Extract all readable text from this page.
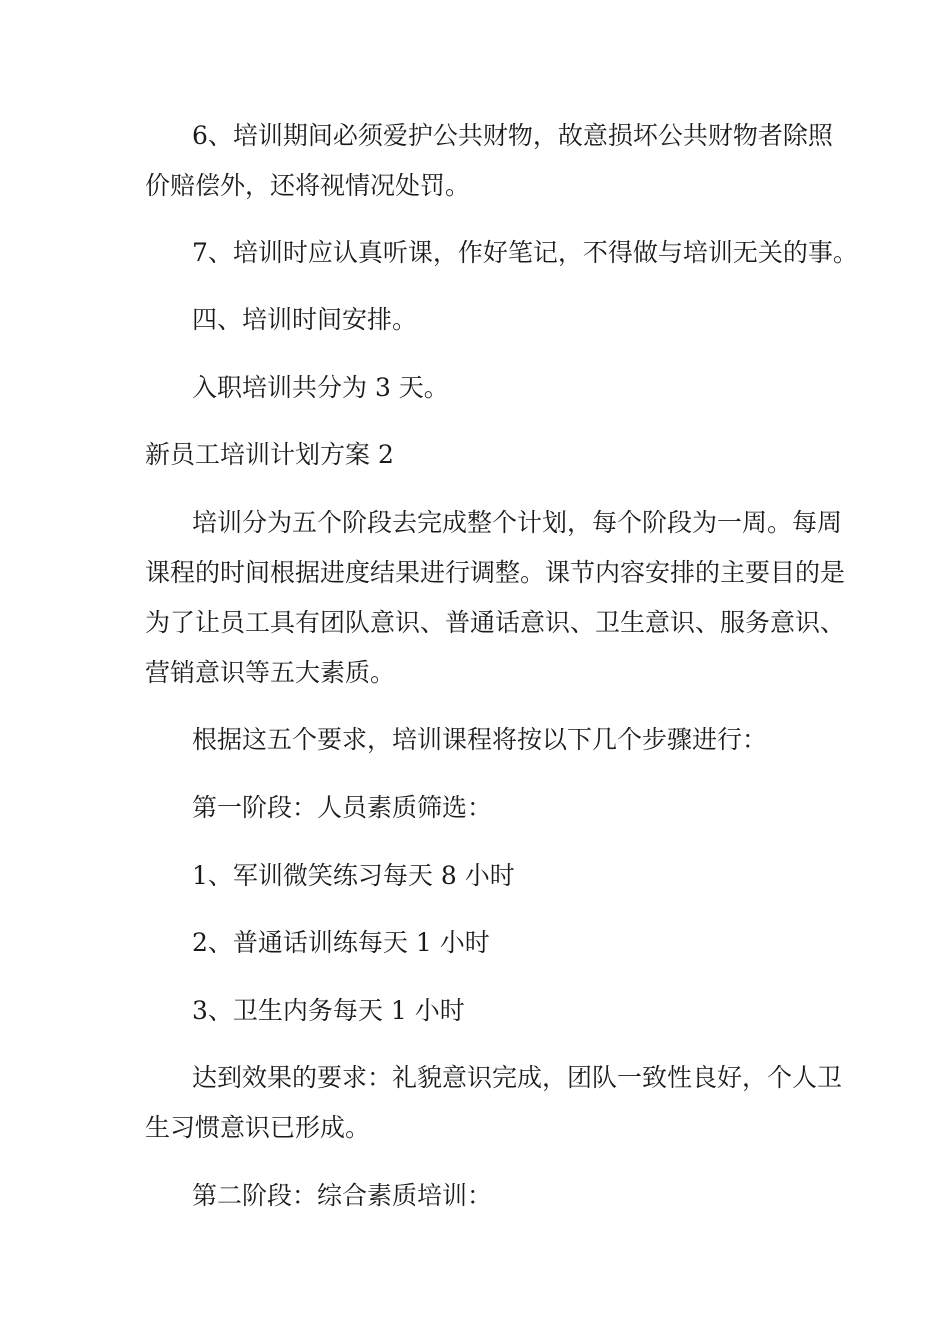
6、培训期间必须爱护公共财物，故意损坏公共财物者除照

价赔偿外，还将视情况处罚。

7、培训时应认真听课，作好笔记，不得做与培训无关的事。

四、培训时间安排。

入职培训共分为 3 天。

新员工培训计划方案 2

培训分为五个阶段去完成整个计划，每个阶段为一周。每周

课程的时间根据进度结果进行调整。课节内容安排的主要目的是

为了让员工具有团队意识、普通话意识、卫生意识、服务意识、

营销意识等五大素质。

根据这五个要求，培训课程将按以下几个步骤进行：

第一阶段：人员素质筛选：

1、军训微笑练习每天 8 小时

2、普通话训练每天 1 小时

3、卫生内务每天 1 小时

达到效果的要求：礼貌意识完成，团队一致性良好，个人卫

生习惯意识已形成。

第二阶段：综合素质培训：
